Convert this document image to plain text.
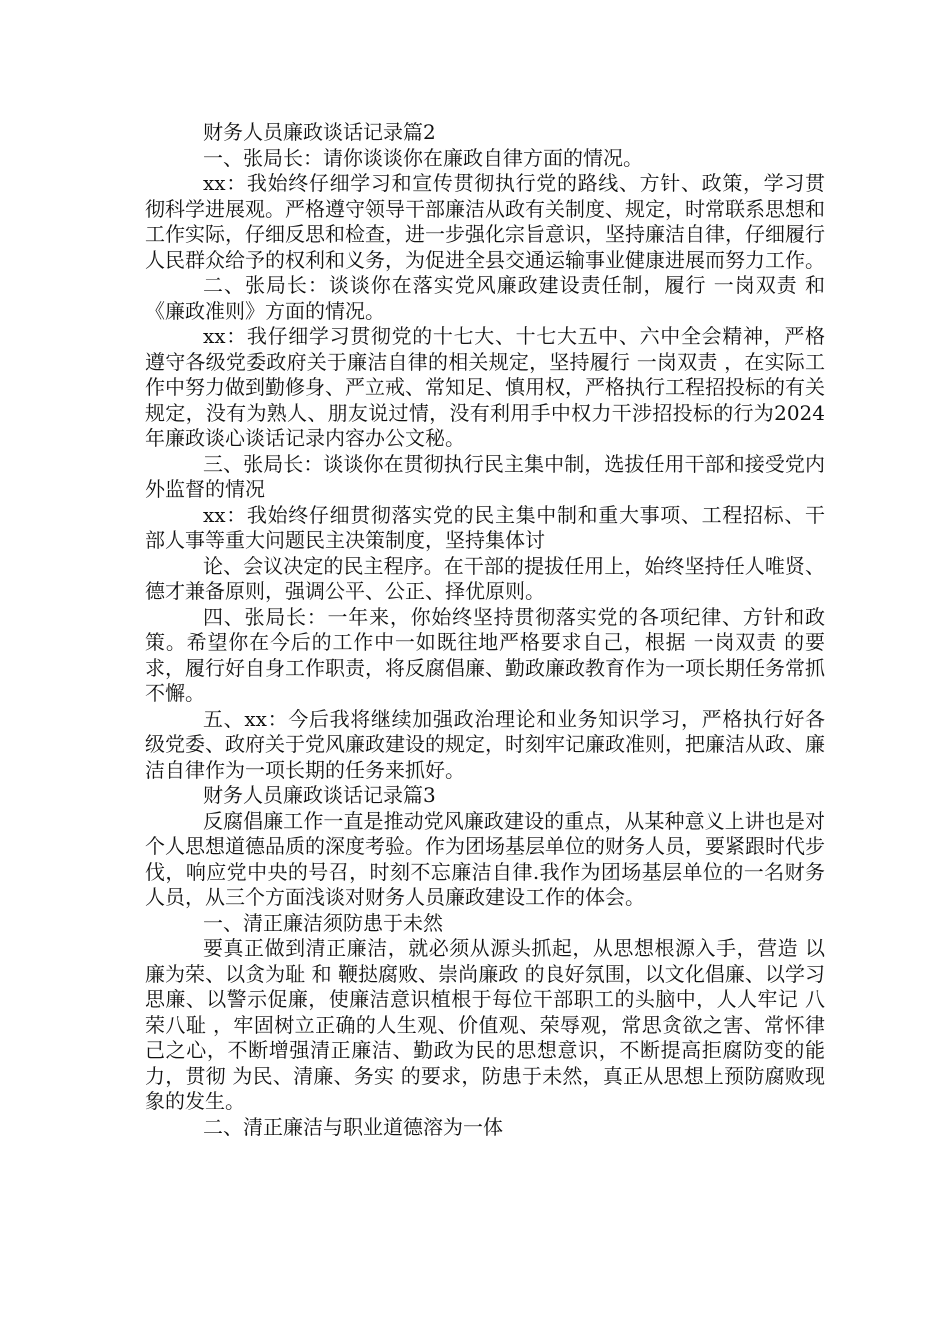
财务人员廉政谈话记录篇2

一、张局长：请你谈谈你在廉政自律方面的情况。

xx：我始终仔细学习和宣传贯彻执行党的路线、方针、政策，学习贯彻科学进展观。严格遵守领导干部廉洁从政有关制度、规定，时常联系思想和工作实际，仔细反思和检查，进一步强化宗旨意识，坚持廉洁自律，仔细履行人民群众给予的权利和义务，为促进全县交通运输事业健康进展而努力工作。

二、张局长：谈谈你在落实党风廉政建设责任制，履行 一岗双责 和《廉政准则》方面的情况。

xx：我仔细学习贯彻党的十七大、十七大五中、六中全会精神，严格遵守各级党委政府关于廉洁自律的相关规定，坚持履行 一岗双责 ，在实际工作中努力做到勤修身、严立戒、常知足、慎用权，严格执行工程招投标的有关规定，没有为熟人、朋友说过情，没有利用手中权力干涉招投标的行为2024年廉政谈心谈话记录内容办公文秘。

三、张局长：谈谈你在贯彻执行民主集中制，选拔任用干部和接受党内外监督的情况

xx：我始终仔细贯彻落实党的民主集中制和重大事项、工程招标、干部人事等重大问题民主决策制度，坚持集体讨

论、会议决定的民主程序。在干部的提拔任用上，始终坚持任人唯贤、德才兼备原则，强调公平、公正、择优原则。

四、张局长：一年来，你始终坚持贯彻落实党的各项纪律、方针和政策。希望你在今后的工作中一如既往地严格要求自己，根据 一岗双责 的要求，履行好自身工作职责，将反腐倡廉、勤政廉政教育作为一项长期任务常抓不懈。

五、xx：今后我将继续加强政治理论和业务知识学习，严格执行好各级党委、政府关于党风廉政建设的规定，时刻牢记廉政准则，把廉洁从政、廉洁自律作为一项长期的任务来抓好。

财务人员廉政谈话记录篇3

反腐倡廉工作一直是推动党风廉政建设的重点，从某种意义上讲也是对个人思想道德品质的深度考验。作为团场基层单位的财务人员，要紧跟时代步伐，响应党中央的号召，时刻不忘廉洁自律.我作为团场基层单位的一名财务人员，从三个方面浅谈对财务人员廉政建设工作的体会。

一、清正廉洁须防患于未然

要真正做到清正廉洁，就必须从源头抓起，从思想根源入手，营造 以廉为荣、以贪为耻 和 鞭挞腐败、崇尚廉政 的良好氛围，以文化倡廉、以学习思廉、以警示促廉，使廉洁意识植根于每位干部职工的头脑中，人人牢记 八荣八耻 ，牢固树立正确的人生观、价值观、荣辱观，常思贪欲之害、常怀律己之心，不断增强清正廉洁、勤政为民的思想意识，不断提高拒腐防变的能力，贯彻 为民、清廉、务实 的要求，防患于未然，真正从思想上预防腐败现象的发生。

二、清正廉洁与职业道德溶为一体
